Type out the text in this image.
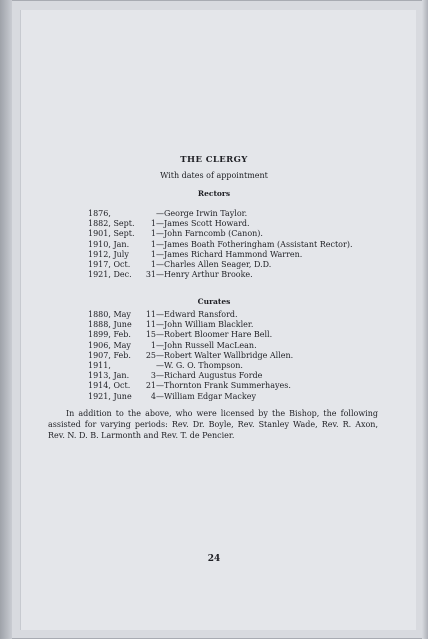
THE CLERGY
With dates of appointment
Rectors
1876,	—George Irwin Taylor.
1882, Sept.	1 —James Scott Howard.
1901, Sept.	1 —John Farncomb (Canon).
1910, Jan.	1 —James Boath Fotheringham (Assistant Rector).
1912, July	1 —James Richard Hammond Warren.
1917, Oct.	1 —Charles Allen Seager, D.D.
1921, Dec.	31 —Henry Arthur Brooke.
Curates
1880, May	11 —Edward Ransford.
1888, June	11 —John William Blackler.
1899, Feb.	15 —Robert Bloomer Hare Bell.
1906, May	1 —John Russell MacLean.
1907, Feb.	25 —Robert Walter Wallbridge Allen.
1911,	—W. G. O. Thompson.
1913, Jan.	3 —Richard Augustus Forde
1914, Oct.	21 —Thornton Frank Summerhayes.
1921, June	4 —William Edgar Mackey
In addition to the above, who were licensed by the Bishop, the following assisted for varying periods: Rev. Dr. Boyle, Rev. Stanley Wade, Rev. R. Axon, Rev. N. D. B. Larmonth and Rev. T. de Pencier.
24
